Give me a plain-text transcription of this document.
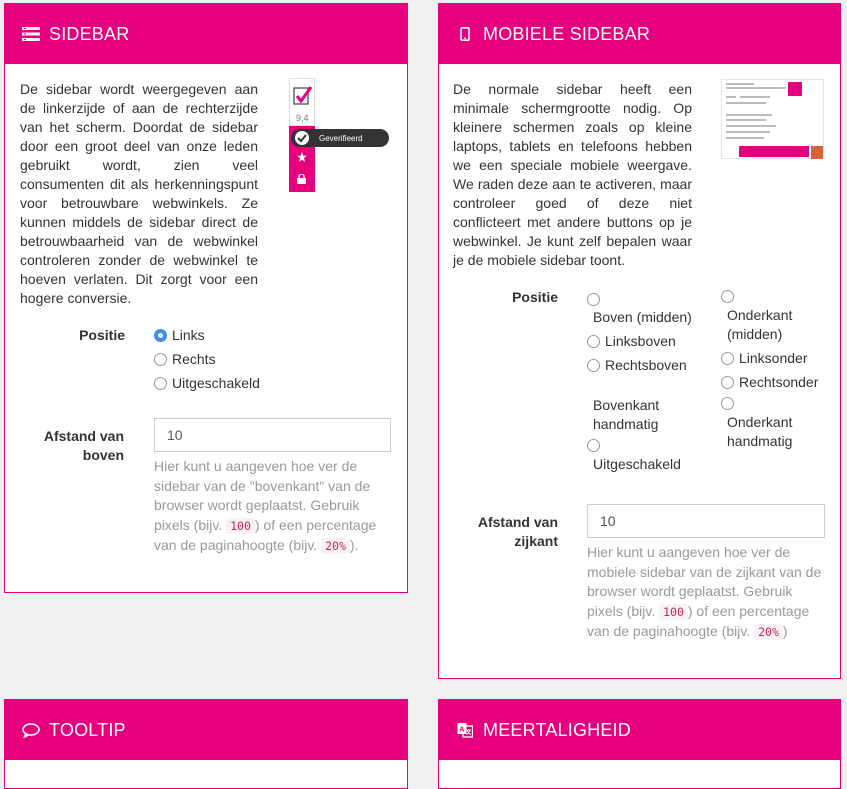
SIDEBAR

De sidebar wordt weergegeven aan de linkerzijde of aan de rechterzijde van het scherm. Doordat de sidebar door een groot deel van onze leden gebruikt wordt, zien veel consumenten dit als herkenningspunt voor betrouwbare webwinkels. Ze kunnen middels de sidebar direct de betrouwbaarheid van de webwinkel controleren zonder de webwinkel te hoeven verlaten. Dit zorgt voor een hogere conversie.

9,4
Geverifieerd
Positie	Links
Rechts
Uitgeschakeld
Afstand van boven
10
Hier kunt u aangeven hoe ver de sidebar van de "bovenkant" van de browser wordt geplaatst. Gebruik pixels (bijv. 100 ) of een percentage van de paginahoogte (bijv. 20% ).
MOBIELE SIDEBAR

De normale sidebar heeft een minimale schermgrootte nodig. Op kleinere schermen zoals op kleine laptops, tablets en telefoons hebben we een speciale mobiele weergave. We raden deze aan te activeren, maar controleer goed of deze niet conflicteert met andere buttons op je webwinkel. Je kunt zelf bepalen waar je de mobiele sidebar toont.

Positie
Boven (midden)
Linksboven
Rechtsboven
Bovenkant handmatig
Uitgeschakeld
Onderkant (midden)
Linksonder
Rechtsonder
Onderkant handmatig
Afstand van zijkant
10
Hier kunt u aangeven hoe ver de mobiele sidebar van de zijkant van de browser wordt geplaatst. Gebruik pixels (bijv. 100 ) of een percentage van de paginahoogte (bijv. 20% )
TOOLTIP	A MEERTALIGHEID
